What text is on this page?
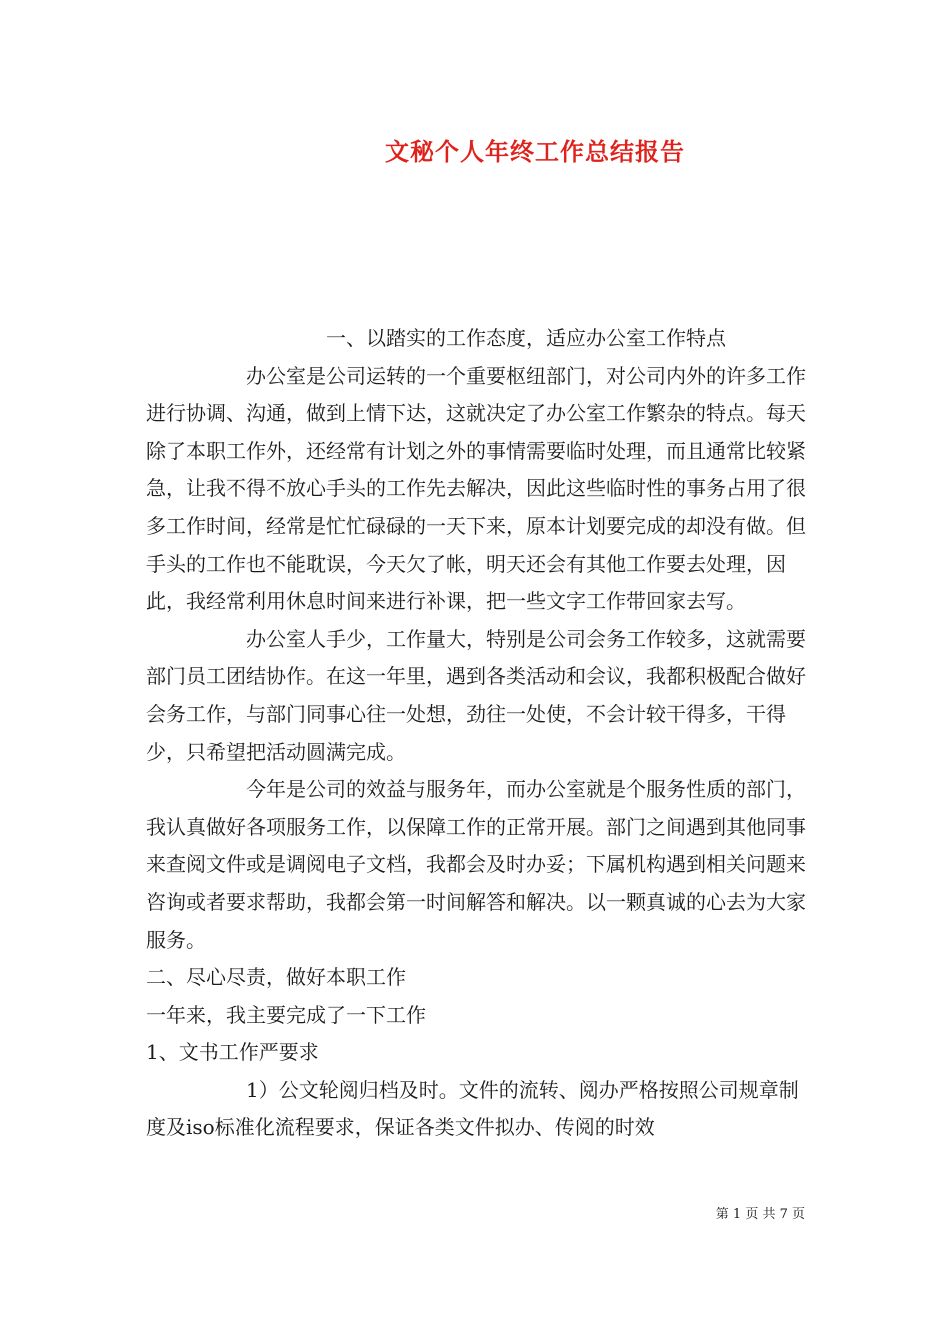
文秘个人年终工作总结报告

一、以踏实的工作态度，适应办公室工作特点

办公室是公司运转的一个重要枢纽部门，对公司内外的许多工作进行协调、沟通，做到上情下达，这就决定了办公室工作繁杂的特点。每天除了本职工作外，还经常有计划之外的事情需要临时处理，而且通常比较紧急，让我不得不放心手头的工作先去解决，因此这些临时性的事务占用了很多工作时间，经常是忙忙碌碌的一天下来，原本计划要完成的却没有做。但手头的工作也不能耽误，今天欠了帐，明天还会有其他工作要去处理，因此，我经常利用休息时间来进行补课，把一些文字工作带回家去写。

办公室人手少，工作量大，特别是公司会务工作较多，这就需要部门员工团结协作。在这一年里，遇到各类活动和会议，我都积极配合做好会务工作，与部门同事心往一处想，劲往一处使，不会计较干得多，干得少，只希望把活动圆满完成。

今年是公司的效益与服务年，而办公室就是个服务性质的部门，我认真做好各项服务工作，以保障工作的正常开展。部门之间遇到其他同事来查阅文件或是调阅电子文档，我都会及时办妥；下属机构遇到相关问题来咨询或者要求帮助，我都会第一时间解答和解决。以一颗真诚的心去为大家服务。

二、尽心尽责，做好本职工作

一年来，我主要完成了一下工作

1、文书工作严要求

1）公文轮阅归档及时。文件的流转、阅办严格按照公司规章制度及iso标准化流程要求，保证各类文件拟办、传阅的时效

第 1 页 共 7 页
